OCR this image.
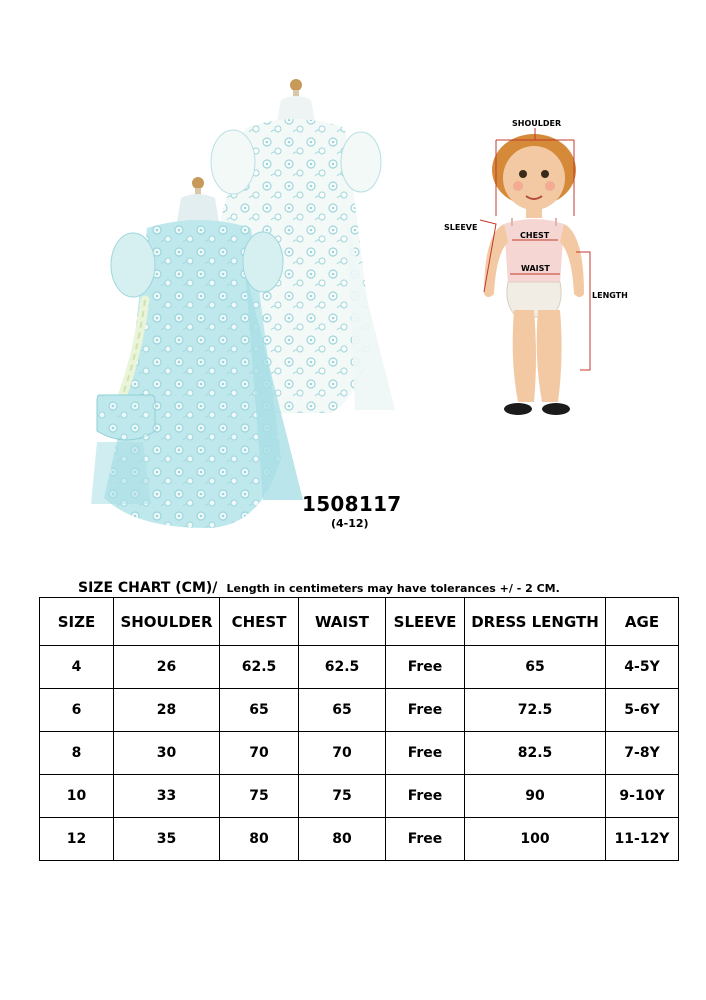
SHOULDER
SLEEVE
CHEST
WAIST
LENGTH
1508117
(4-12)
SIZE CHART (CM)/ Length in centimeters may have tolerances +/ - 2 CM.
SIZE	SHOULDER	CHEST	WAIST	SLEEVE	DRESS LENGTH	AGE
4	26	62.5	62.5	Free	65	4-5Y
6	28	65	65	Free	72.5	5-6Y
8	30	70	70	Free	82.5	7-8Y
10	33	75	75	Free	90	9-10Y
12	35	80	80	Free	100	11-12Y
